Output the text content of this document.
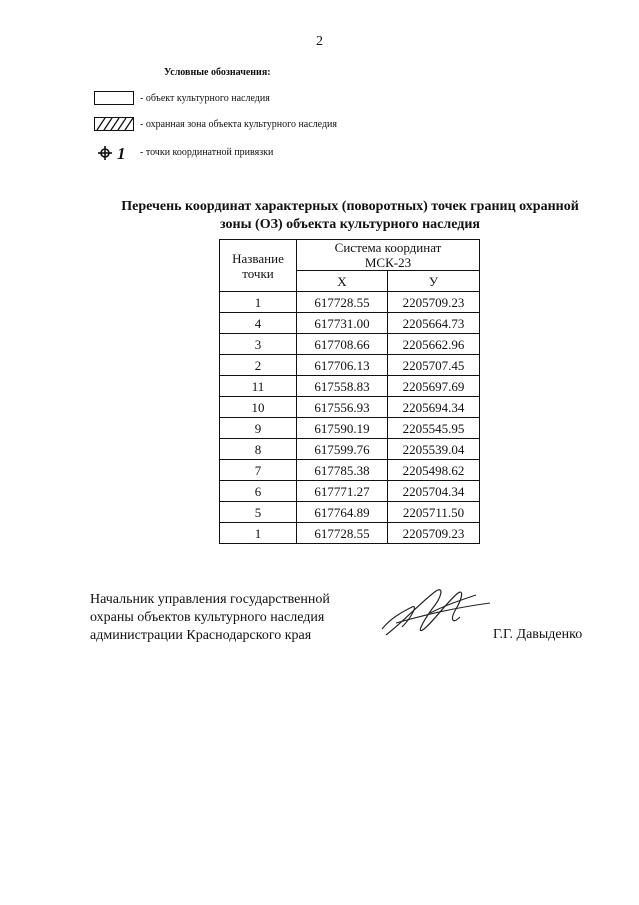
2
Условные обозначения:
- объект культурного наследия
- охранная зона объекта культурного наследия
1 - точки координатной привязки
Перечень координат характерных (поворотных) точек границ охранной
зоны (ОЗ) объекта культурного наследия
Название
точки	Система координат
МСК-23	
	X	У
1	617728.55	2205709.23
4	617731.00	2205664.73
3	617708.66	2205662.96
2	617706.13	2205707.45
11	617558.83	2205697.69
10	617556.93	2205694.34
9	617590.19	2205545.95
8	617599.76	2205539.04
7	617785.38	2205498.62
6	617771.27	2205704.34
5	617764.89	2205711.50
1	617728.55	2205709.23
Начальник управления государственной
охраны объектов культурного наследия
администрации Краснодарского края	Г.Г. Давыденко
